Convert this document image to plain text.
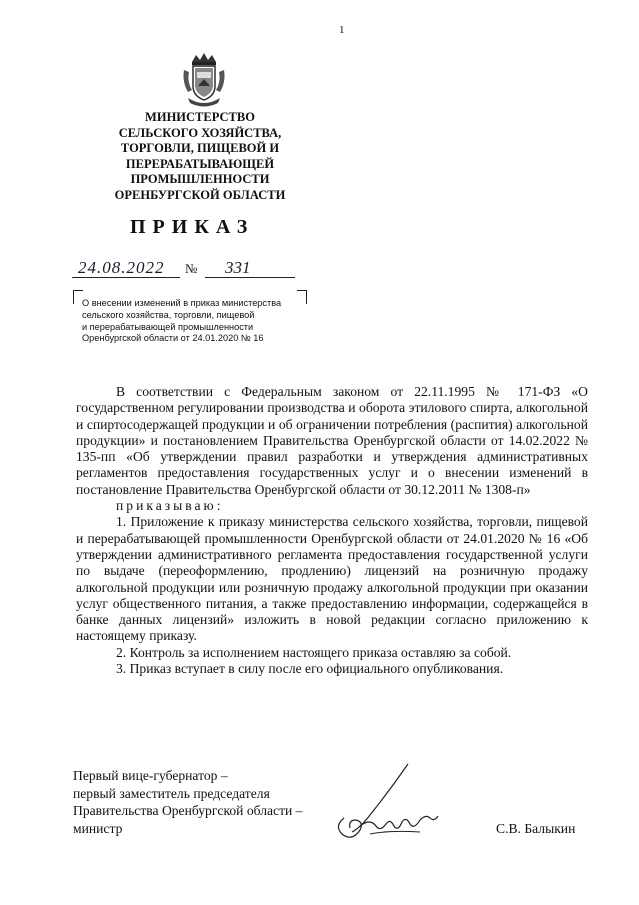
1
МИНИСТЕРСТВО
СЕЛЬСКОГО ХОЗЯЙСТВА,
ТОРГОВЛИ, ПИЩЕВОЙ И
ПЕРЕРАБАТЫВАЮЩЕЙ
ПРОМЫШЛЕННОСТИ
ОРЕНБУРГСКОЙ ОБЛАСТИ
ПРИКАЗ
24.08.2022 № 331
О внесении изменений в приказ министерства
сельского хозяйства, торговли, пищевой
и перерабатывающей промышленности
Оренбургской области от 24.01.2020 № 16

В соответствии с Федеральным законом от 22.11.1995 № 171-ФЗ «О государственном регулировании производства и оборота этилового спирта, алкогольной и спиртосодержащей продукции и об ограничении потребления (распития) алкогольной продукции» и постановлением Правительства Оренбургской области от 14.02.2022 № 135-пп «Об утверждении правил разработки и утверждения административных регламентов предоставления государственных услуг и о внесении изменений в постановление Правительства Оренбургской области от 30.12.2011 № 1308-п»

приказываю:

1. Приложение к приказу министерства сельского хозяйства, торговли, пищевой и перерабатывающей промышленности Оренбургской области от 24.01.2020 № 16 «Об утверждении административного регламента предоставления государственной услуги по выдаче (переоформлению, продлению) лицензий на розничную продажу алкогольной продукции или розничную продажу алкогольной продукции при оказании услуг общественного питания, а также предоставлению информации, содержащейся в банке данных лицензий» изложить в новой редакции согласно приложению к настоящему приказу.

2. Контроль за исполнением настоящего приказа оставляю за собой.

3. Приказ вступает в силу после его официального опубликования.

Первый вице-губернатор –
первый заместитель председателя
Правительства Оренбургской области –
министр	С.В. Балыкин
